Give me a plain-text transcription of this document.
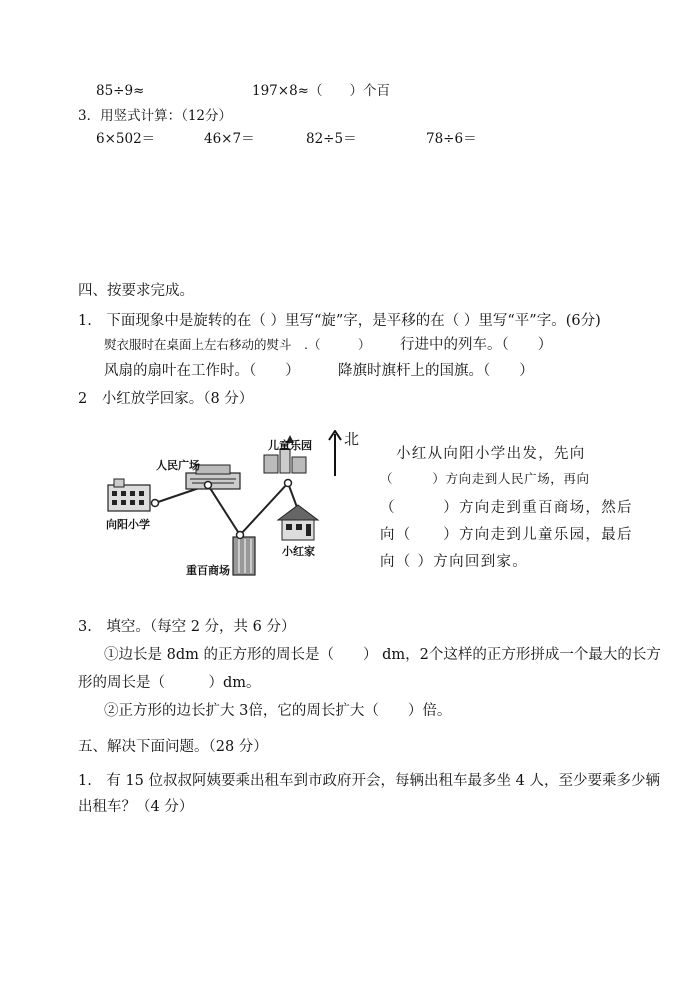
85÷9≈	197×8≈（　　）个百
3．用竖式计算：（12分）
6×502＝	46×7＝	82÷5＝	78÷6＝
四、按要求完成。
1.　下面现象中是旋转的在（ ）里写“旋”字，是平移的在（ ）里写“平”字。(6分)
熨衣服时在桌面上左右移动的熨斗　.（　　　） 行进中的列车。（　　）
风扇的扇叶在工作时。（　　）	降旗时旗杆上的国旗。（　　）
2　小红放学回家。（8 分）
儿童乐园
人民广场
向阳小学
重百商场
小红家
北
小红从向阳小学出发，先向
（　　　）方向走到人民广场，再向
（　　　）方向走到重百商场，然后
向（　　）方向走到儿童乐园，最后
向（ ）方向回到家。
3.　填空。（每空 2 分，共 6 分）
①边长是 8dm 的正方形的周长是（　　） dm，2个这样的正方形拼成一个最大的长方
形的周长是（　　　）dm。
②正方形的边长扩大 3倍，它的周长扩大（　　）倍。
五、解决下面问题。（28 分）
1.　有 15 位叔叔阿姨要乘出租车到市政府开会，每辆出租车最多坐 4 人，至少要乘多少辆
出租车？（4 分）
